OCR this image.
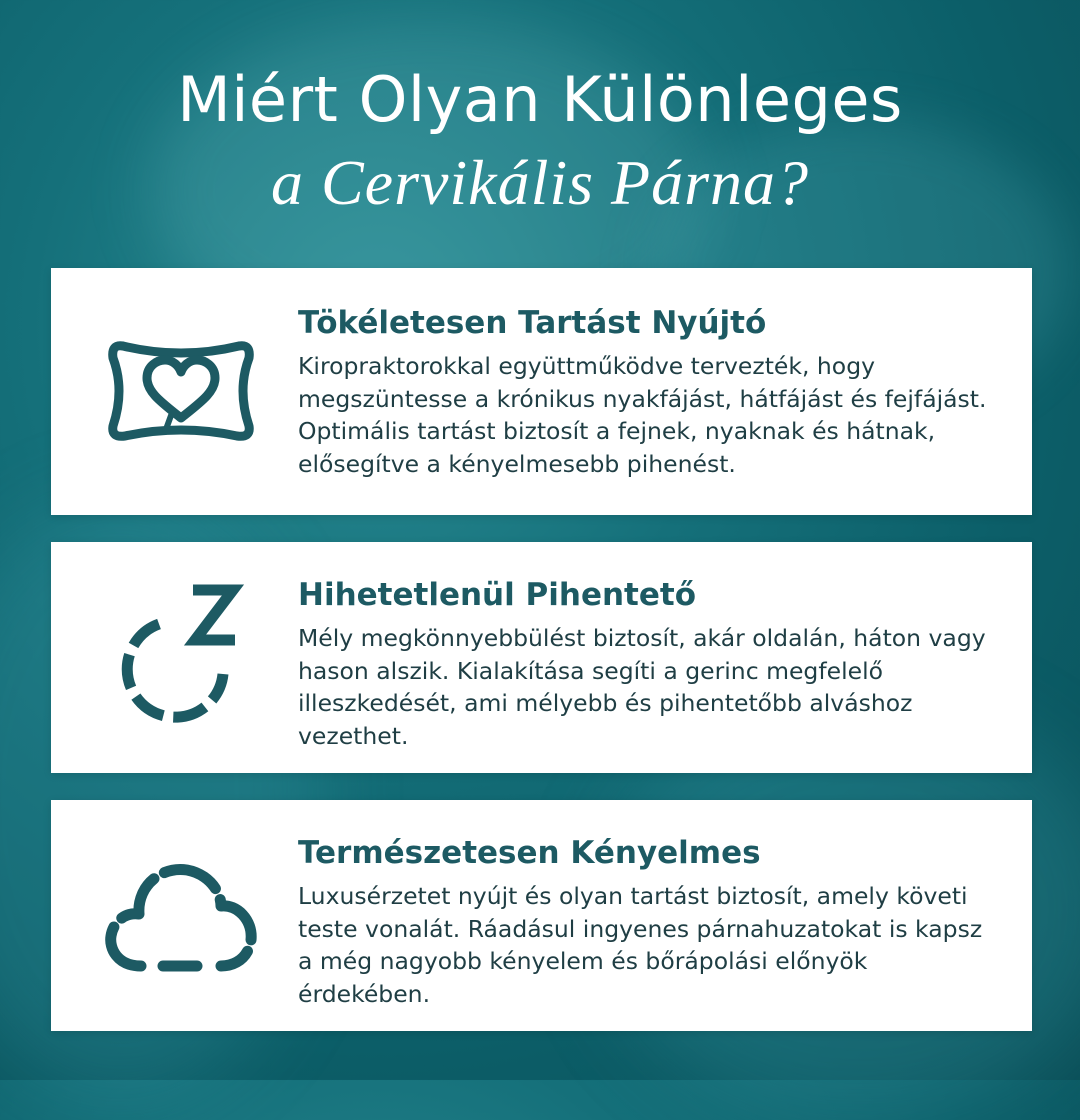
Miért Olyan Különleges
a Cervikális Párna?
Tökéletesen Tartást Nyújtó
Kiropraktorokkal együttműködve tervezték, hogy megszüntesse a krónikus nyakfájást, hátfájást és fejfájást. Optimális tartást biztosít a fejnek, nyaknak és hátnak, elősegítve a kényelmesebb pihenést.
Hihetetlenül Pihentető
Mély megkönnyebbülést biztosít, akár oldalán, háton vagy hason alszik. Kialakítása segíti a gerinc megfelelő illeszkedését, ami mélyebb és pihentetőbb alváshoz vezethet.
Természetesen Kényelmes
Luxusérzetet nyújt és olyan tartást biztosít, amely követi teste vonalát. Ráadásul ingyenes párnahuzatokat is kapsz a még nagyobb kényelem és bőrápolási előnyök érdekében.
